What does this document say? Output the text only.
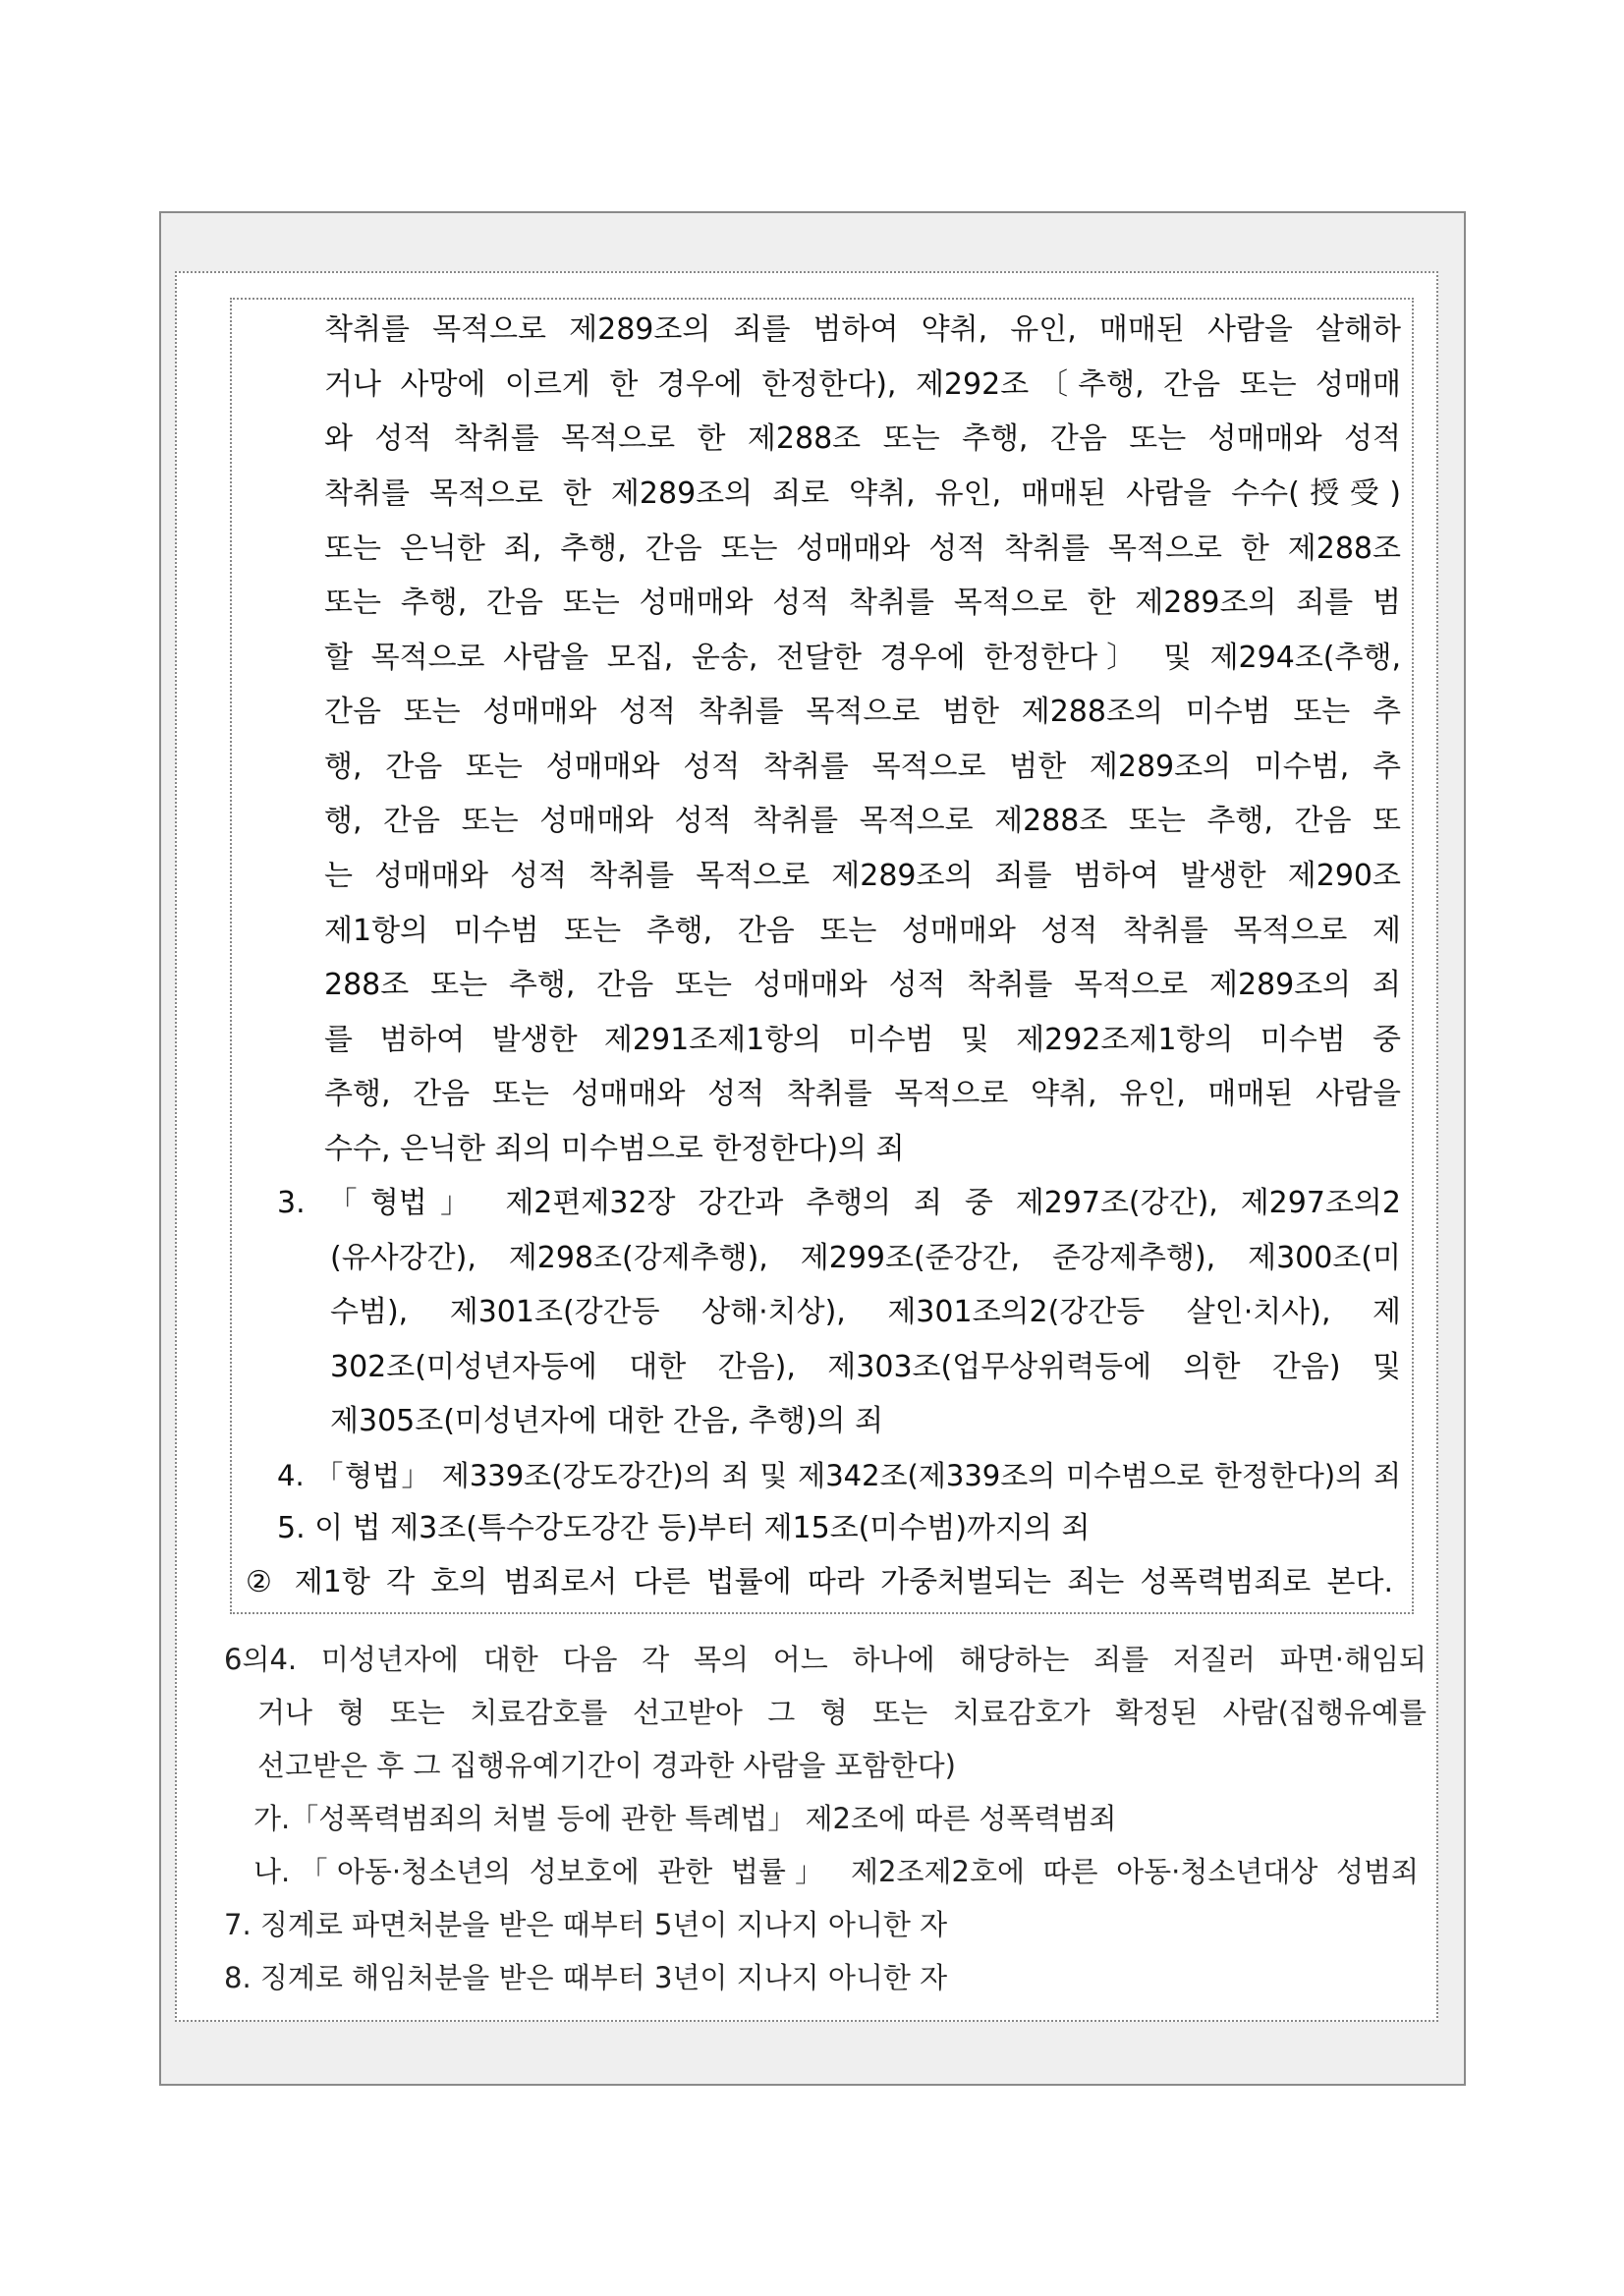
착취를 목적으로 제289조의 죄를 범하여 약취, 유인, 매매된 사람을 살해하
거나 사망에 이르게 한 경우에 한정한다), 제292조〔추행, 간음 또는 성매매
와 성적 착취를 목적으로 한 제288조 또는 추행, 간음 또는 성매매와 성적
착취를 목적으로 한 제289조의 죄로 약취, 유인, 매매된 사람을 수수(授受)
또는 은닉한 죄, 추행, 간음 또는 성매매와 성적 착취를 목적으로 한 제288조
또는 추행, 간음 또는 성매매와 성적 착취를 목적으로 한 제289조의 죄를 범
할 목적으로 사람을 모집, 운송, 전달한 경우에 한정한다〕 및 제294조(추행,
간음 또는 성매매와 성적 착취를 목적으로 범한 제288조의 미수범 또는 추
행, 간음 또는 성매매와 성적 착취를 목적으로 범한 제289조의 미수범, 추
행, 간음 또는 성매매와 성적 착취를 목적으로 제288조 또는 추행, 간음 또
는 성매매와 성적 착취를 목적으로 제289조의 죄를 범하여 발생한 제290조
제1항의 미수범 또는 추행, 간음 또는 성매매와 성적 착취를 목적으로 제
288조 또는 추행, 간음 또는 성매매와 성적 착취를 목적으로 제289조의 죄
를 범하여 발생한 제291조제1항의 미수범 및 제292조제1항의 미수범 중
추행, 간음 또는 성매매와 성적 착취를 목적으로 약취, 유인, 매매된 사람을
수수, 은닉한 죄의 미수범으로 한정한다)의 죄
3. 「형법」 제2편제32장 강간과 추행의 죄 중 제297조(강간), 제297조의2
(유사강간), 제298조(강제추행), 제299조(준강간, 준강제추행), 제300조(미
수범), 제301조(강간등 상해·치상), 제301조의2(강간등 살인·치사), 제
302조(미성년자등에 대한 간음), 제303조(업무상위력등에 의한 간음) 및
제305조(미성년자에 대한 간음, 추행)의 죄
4. 「형법」 제339조(강도강간)의 죄 및 제342조(제339조의 미수범으로 한정한다)의 죄
5. 이 법 제3조(특수강도강간 등)부터 제15조(미수범)까지의 죄
② 제1항 각 호의 범죄로서 다른 법률에 따라 가중처벌되는 죄는 성폭력범죄로 본다.
6의4. 미성년자에 대한 다음 각 목의 어느 하나에 해당하는 죄를 저질러 파면·해임되
거나 형 또는 치료감호를 선고받아 그 형 또는 치료감호가 확정된 사람(집행유예를
선고받은 후 그 집행유예기간이 경과한 사람을 포함한다)
가.「성폭력범죄의 처벌 등에 관한 특례법」 제2조에 따른 성폭력범죄
나.「아동·청소년의 성보호에 관한 법률」 제2조제2호에 따른 아동·청소년대상 성범죄
7. 징계로 파면처분을 받은 때부터 5년이 지나지 아니한 자
8. 징계로 해임처분을 받은 때부터 3년이 지나지 아니한 자
